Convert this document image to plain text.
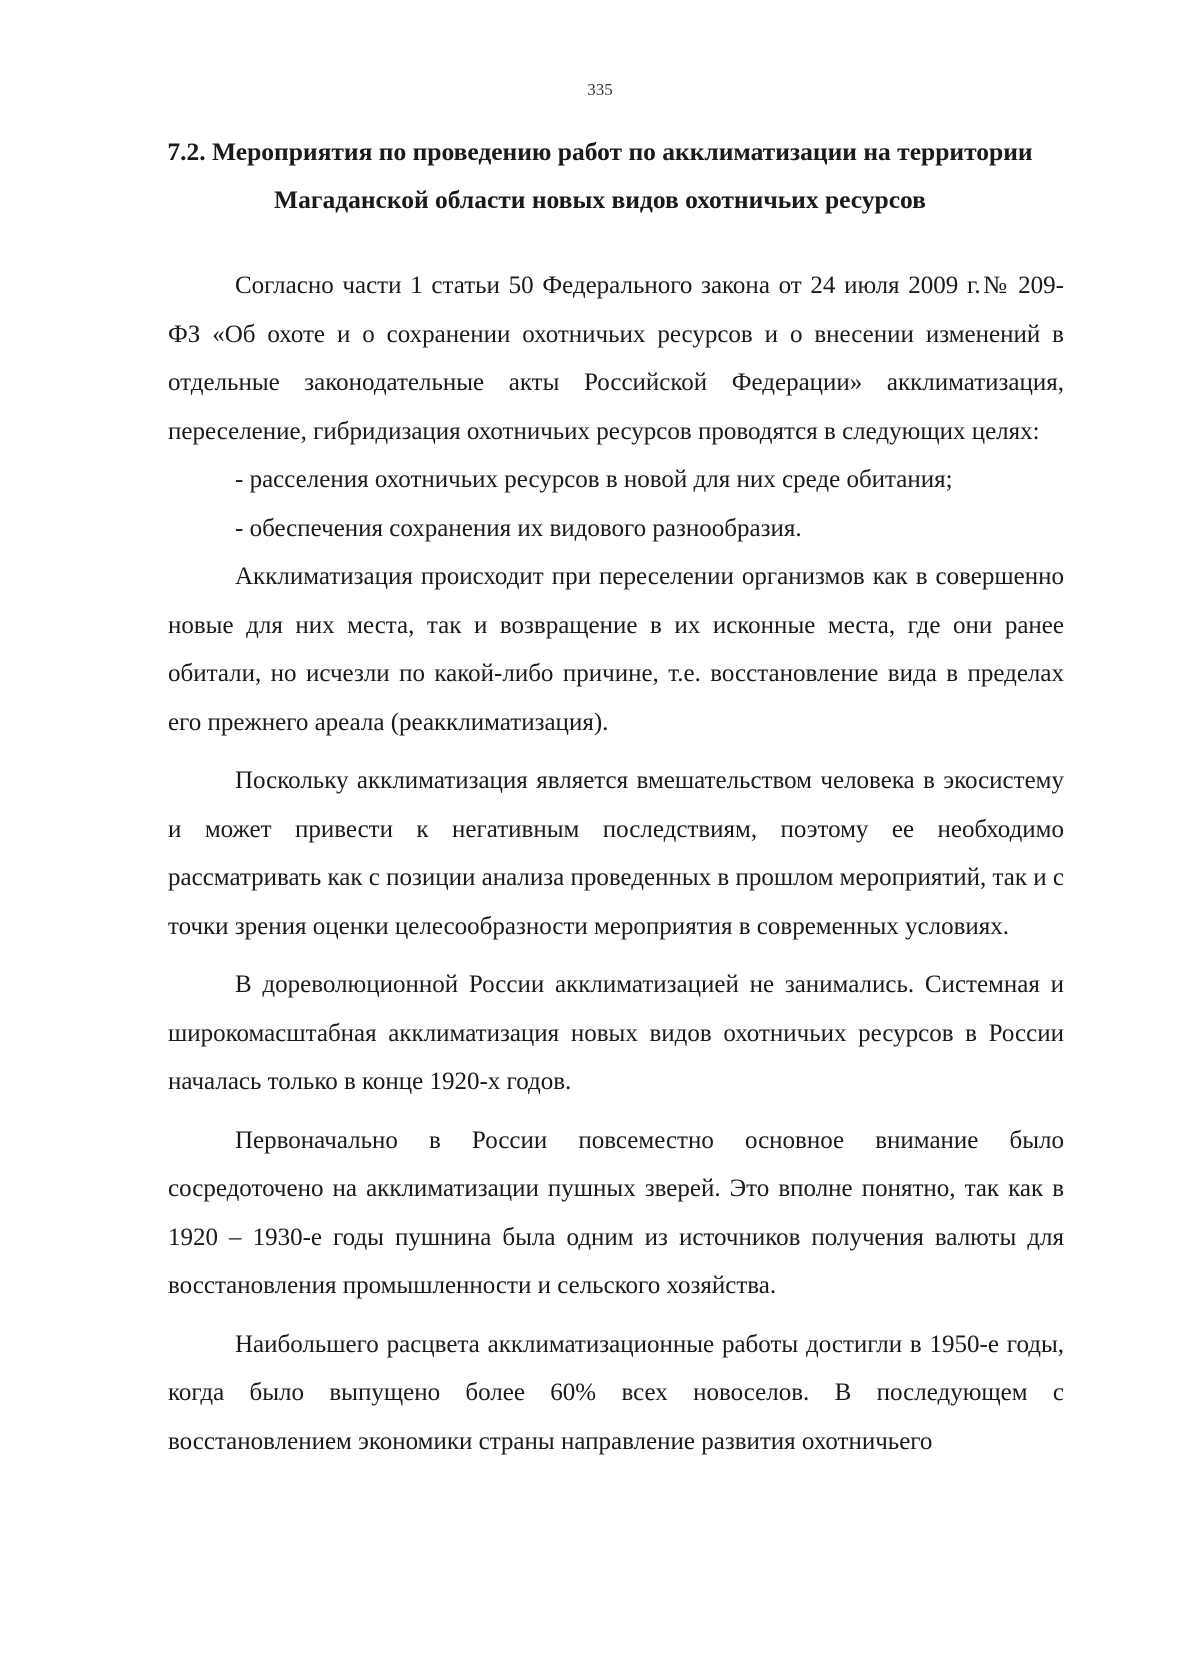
335
7.2. Мероприятия по проведению работ по акклиматизации на территории Магаданской области новых видов охотничьих ресурсов

Согласно части 1 статьи 50 Федерального закона от 24 июля 2009 г.№ 209- ФЗ «Об охоте и о сохранении охотничьих ресурсов и о внесении изменений в отдельные законодательные акты Российской Федерации» акклиматизация, переселение, гибридизация охотничьих ресурсов проводятся в следующих целях:

- расселения охотничьих ресурсов в новой для них среде обитания;

- обеспечения сохранения их видового разнообразия.

Акклиматизация происходит при переселении организмов как в совершенно новые для них места, так и возвращение в их исконные места, где они ранее обитали, но исчезли по какой-либо причине, т.е. восстановление вида в пределах его прежнего ареала (реакклиматизация).

Поскольку акклиматизация является вмешательством человека в экосистему и может привести к негативным последствиям, поэтому ее необходимо рассматривать как с позиции анализа проведенных в прошлом мероприятий, так и с точки зрения оценки целесообразности мероприятия в современных условиях.

В дореволюционной России акклиматизацией не занимались. Системная и широкомасштабная акклиматизация новых видов охотничьих ресурсов в России началась только в конце 1920-х годов.

Первоначально в России повсеместно основное внимание было сосредоточено на акклиматизации пушных зверей. Это вполне понятно, так как в 1920 – 1930-е годы пушнина была одним из источников получения валюты для восстановления промышленности и сельского хозяйства.

Наибольшего расцвета акклиматизационные работы достигли в 1950-е годы, когда было выпущено более 60% всех новоселов. В последующем с восстановлением экономики страны направление развития охотничьего
